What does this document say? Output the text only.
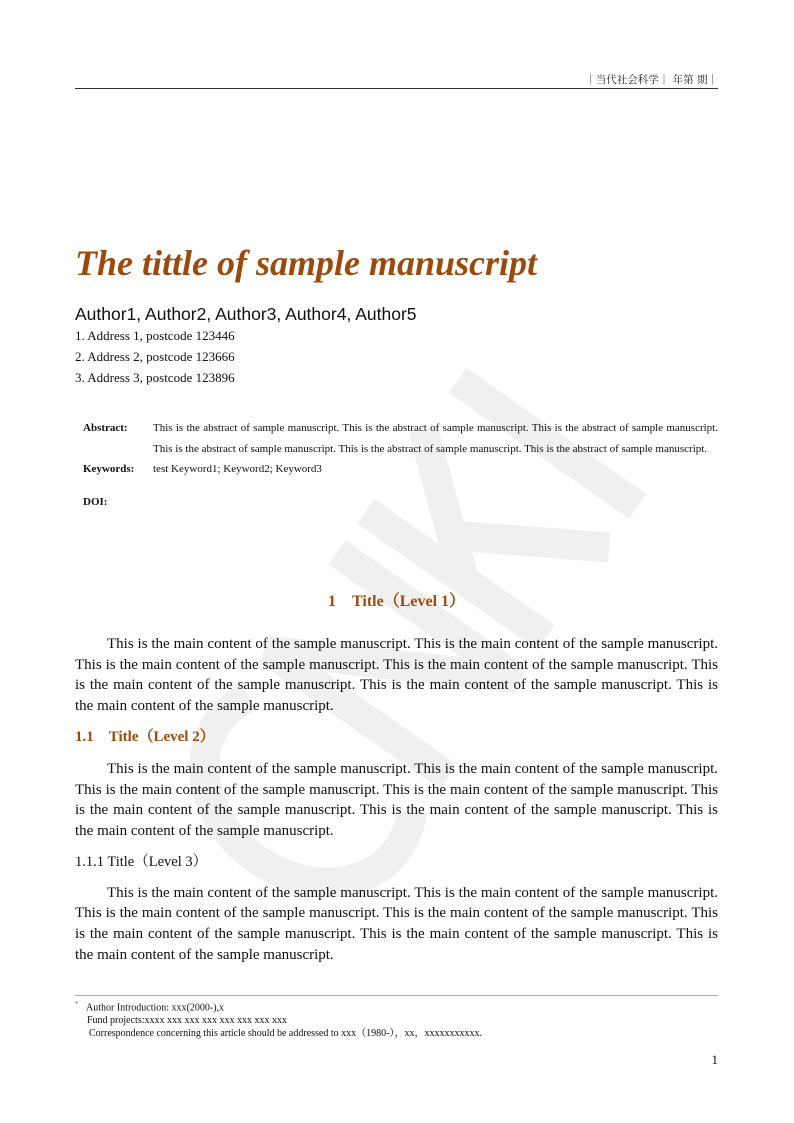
｜当代社会科学｜ 年第 期｜
The tittle of sample manuscript
Author1, Author2, Author3, Author4, Author5
1. Address 1, postcode 123446
2. Address 2, postcode 123666
3. Address 3, postcode 123896
Abstract:	This is the abstract of sample manuscript. This is the abstract of sample manuscript. This is the abstract of sample manuscript. This is the abstract of sample manuscript. This is the abstract of sample manuscript. This is the abstract of sample manuscript.
Keywords:	test Keyword1; Keyword2; Keyword3
DOI:
1　Title（Level 1）

This is the main content of the sample manuscript. This is the main content of the sample manuscript. This is the main content of the sample manuscript. This is the main content of the sample manuscript. This is the main content of the sample manuscript. This is the main content of the sample manuscript. This is the main content of the sample manuscript.

1.1　Title（Level 2）

This is the main content of the sample manuscript. This is the main content of the sample manuscript. This is the main content of the sample manuscript. This is the main content of the sample manuscript. This is the main content of the sample manuscript. This is the main content of the sample manuscript. This is the main content of the sample manuscript.

1.1.1 Title（Level 3）

This is the main content of the sample manuscript. This is the main content of the sample manuscript. This is the main content of the sample manuscript. This is the main content of the sample manuscript. This is the main content of the sample manuscript. This is the main content of the sample manuscript. This is the main content of the sample manuscript.

* Author Introduction: xxx(2000-),x
Fund projects:xxxx xxx xxx xxx xxx xxx xxx xxx
Correspondence concerning this article should be addressed to xxx（1980-），xx，xxxxxxxxxxx.
1
